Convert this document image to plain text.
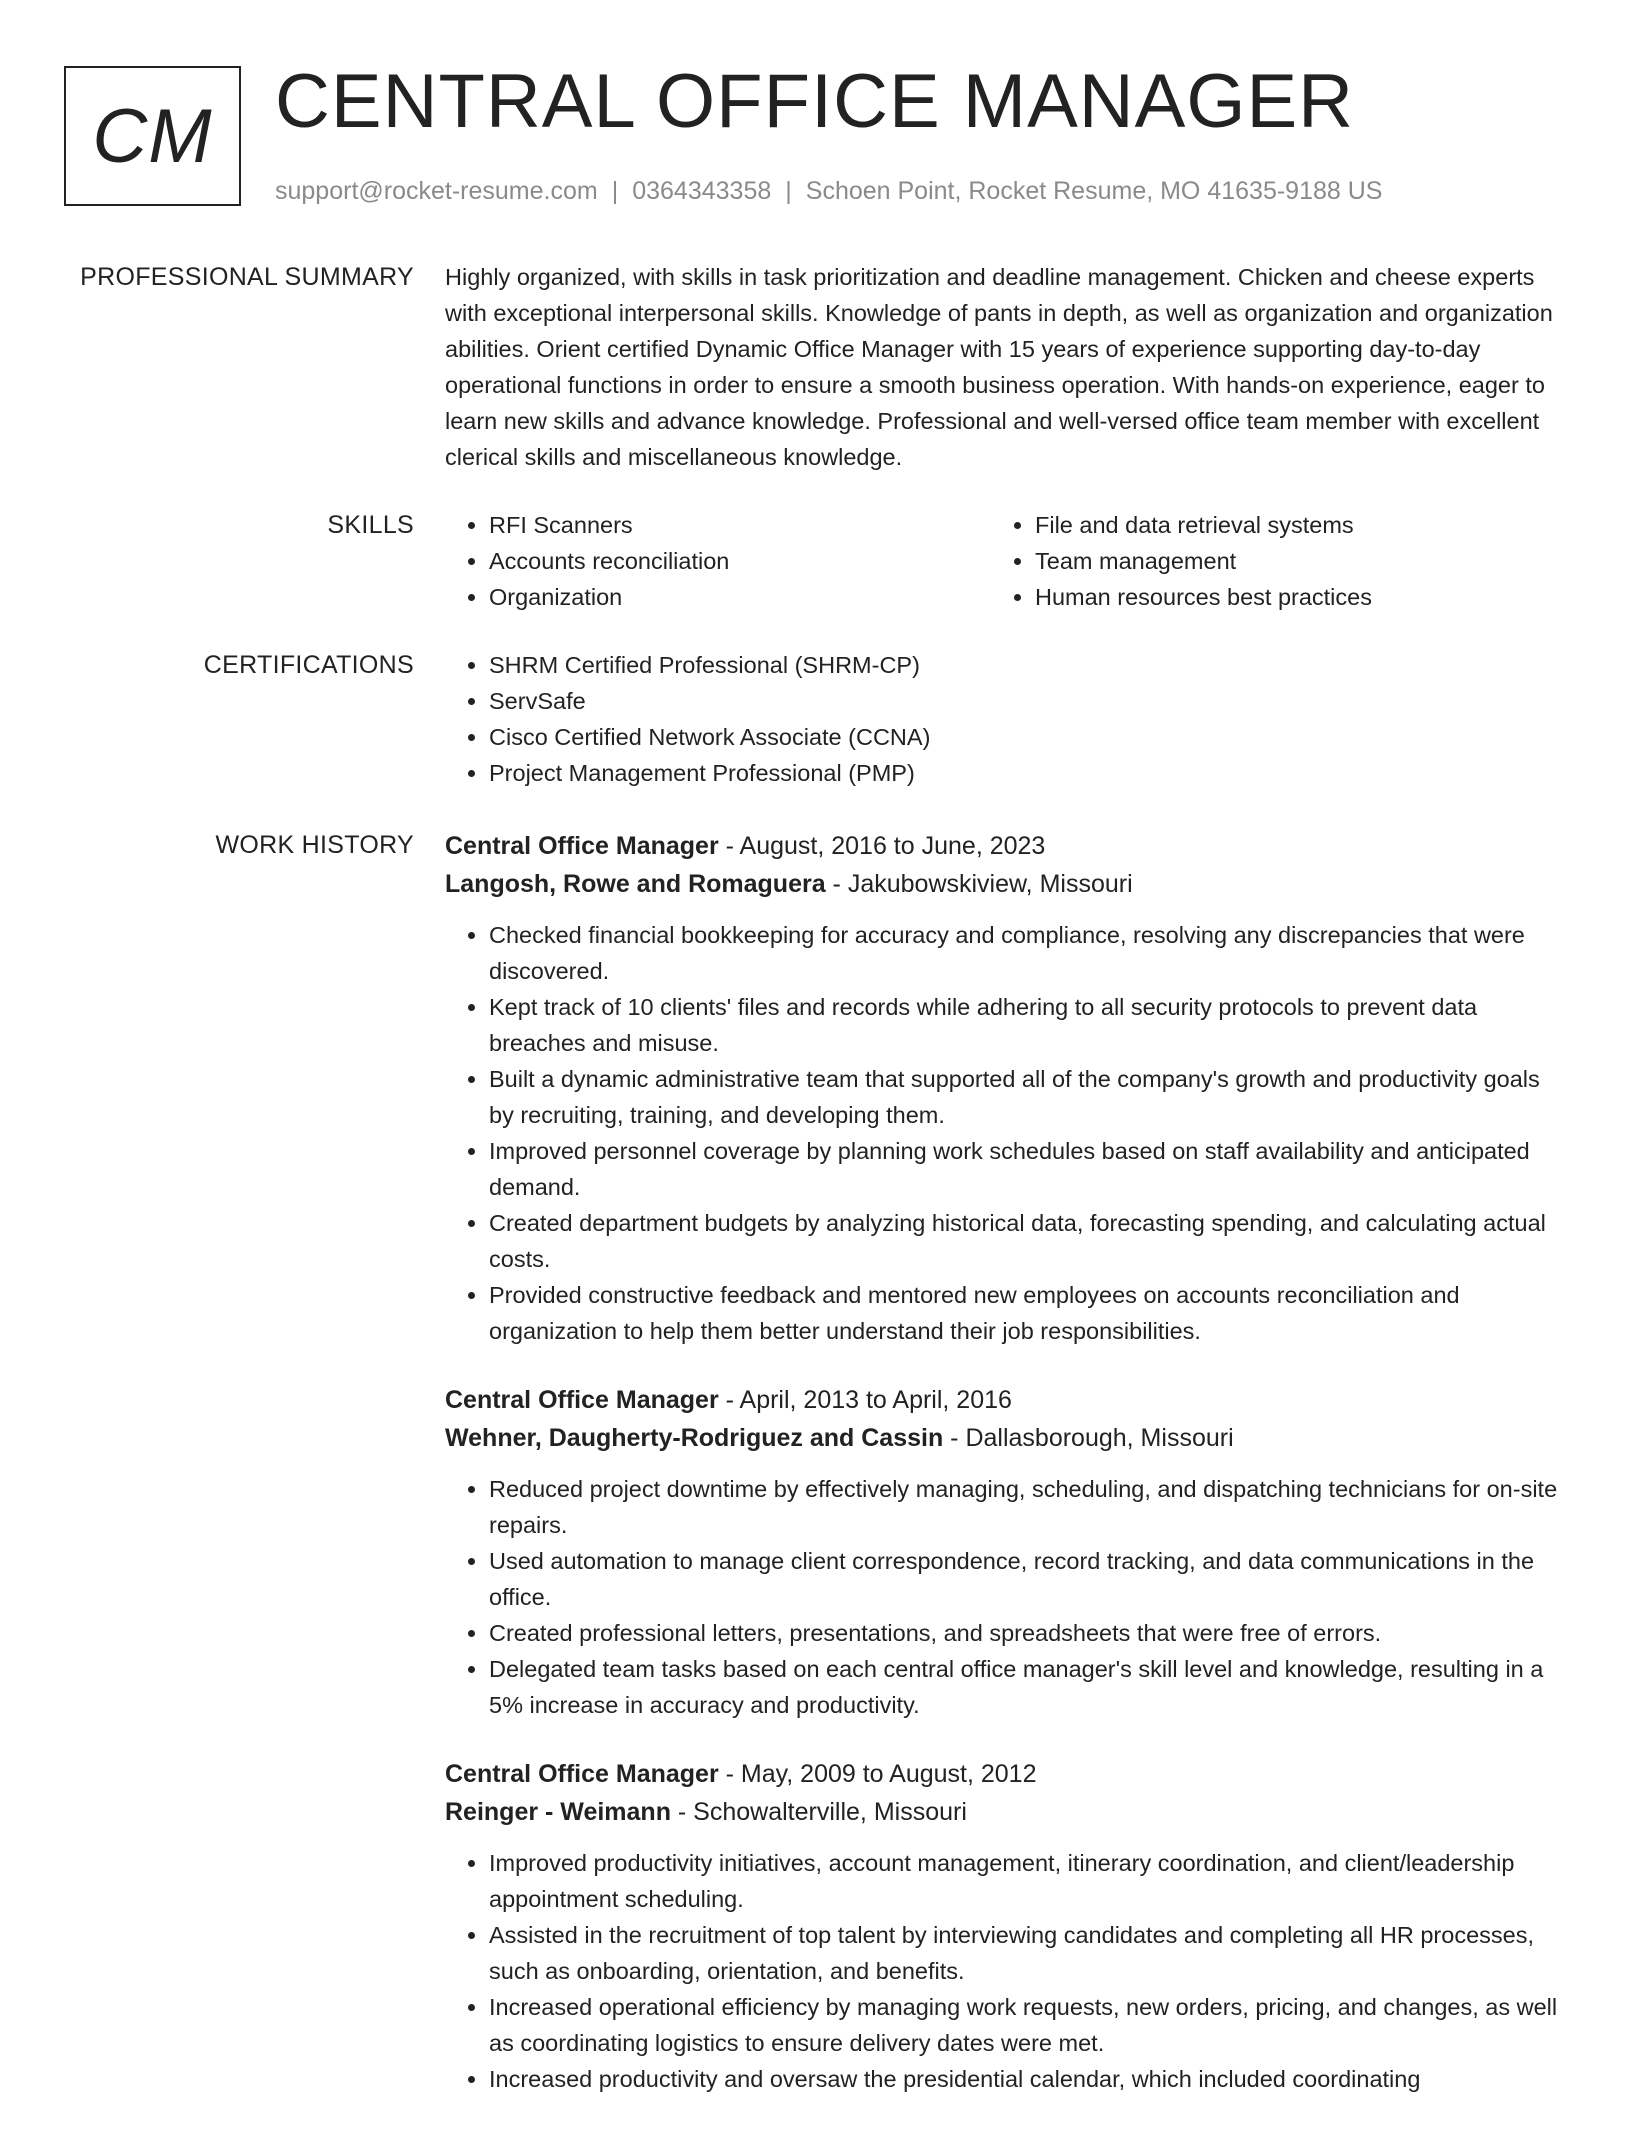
CM CENTRAL OFFICE MANAGER
support@rocket-resume.com | 0364343358 | Schoen Point, Rocket Resume, MO 41635-9188 US
PROFESSIONAL SUMMARY Highly organized, with skills in task prioritization and deadline management. Chicken and cheese experts with exceptional interpersonal skills. Knowledge of pants in depth, as well as organization and organization abilities. Orient certified Dynamic Office Manager with 15 years of experience supporting day-to-day operational functions in order to ensure a smooth business operation. With hands-on experience, eager to learn new skills and advance knowledge. Professional and well-versed office team member with excellent clerical skills and miscellaneous knowledge.

SKILLS	• RFI Scanners
• Accounts reconciliation
• Organization
• File and data retrieval systems
• Team management
• Human resources best practices
CERTIFICATIONS	• SHRM Certified Professional (SHRM-CP)
• ServSafe
• Cisco Certified Network Associate (CCNA)
• Project Management Professional (PMP)
WORK HISTORY Central Office Manager - August, 2016 to June, 2023
Langosh, Rowe and Romaguera - Jakubowskiview, Missouri
• Checked financial bookkeeping for accuracy and compliance, resolving any discrepancies that were discovered.
• Kept track of 10 clients' files and records while adhering to all security protocols to prevent data breaches and misuse.
• Built a dynamic administrative team that supported all of the company's growth and productivity goals by recruiting, training, and developing them.
• Improved personnel coverage by planning work schedules based on staff availability and anticipated demand.
• Created department budgets by analyzing historical data, forecasting spending, and calculating actual costs.
• Provided constructive feedback and mentored new employees on accounts reconciliation and organization to help them better understand their job responsibilities.
Central Office Manager - April, 2013 to April, 2016
Wehner, Daugherty-Rodriguez and Cassin - Dallasborough, Missouri
• Reduced project downtime by effectively managing, scheduling, and dispatching technicians for on-site repairs.
• Used automation to manage client correspondence, record tracking, and data communications in the office.
• Created professional letters, presentations, and spreadsheets that were free of errors.
• Delegated team tasks based on each central office manager's skill level and knowledge, resulting in a 5% increase in accuracy and productivity.
Central Office Manager - May, 2009 to August, 2012
Reinger - Weimann - Schowalterville, Missouri
• Improved productivity initiatives, account management, itinerary coordination, and client/leadership appointment scheduling.
• Assisted in the recruitment of top talent by interviewing candidates and completing all HR processes, such as onboarding, orientation, and benefits.
• Increased operational efficiency by managing work requests, new orders, pricing, and changes, as well as coordinating logistics to ensure delivery dates were met.
• Increased productivity and oversaw the presidential calendar, which included coordinating
